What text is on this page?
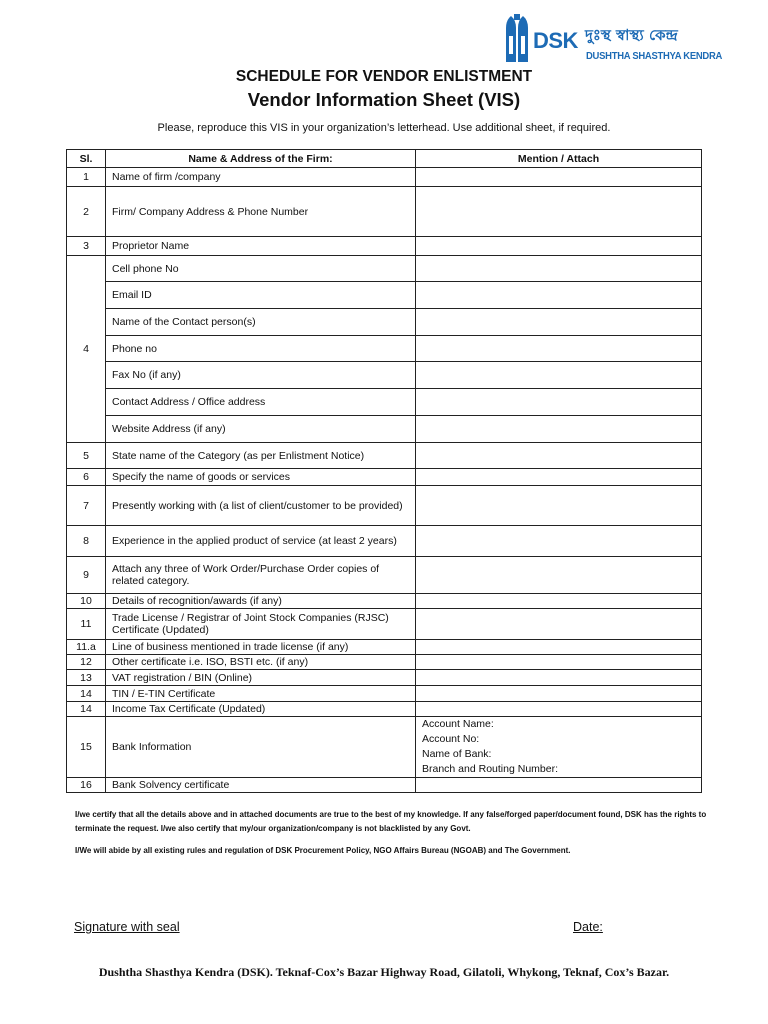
DSK দুঃস্থ স্বাস্থ্য কেন্দ্র
DUSHTHA SHASTHYA KENDRA
SCHEDULE FOR VENDOR ENLISTMENT
Vendor Information Sheet (VIS)
Please, reproduce this VIS in your organization’s letterhead. Use additional sheet, if required.
Sl.	Name & Address of the Firm:	Mention / Attach
1	Name of firm /company	
2	Firm/ Company Address & Phone Number	
3	Proprietor Name	
4	Cell phone No	
	Email ID	
	Name of the Contact person(s)	
	Phone no	
	Fax No (if any)	
	Contact Address / Office address	
	Website Address (if any)	
5	State name of the Category (as per Enlistment Notice)	
6	Specify the name of goods or services	
7	Presently working with (a list of client/customer to be provided)	
8	Experience in the applied product of service (at least 2 years)	
9	Attach any three of Work Order/Purchase Order copies of related category.	
10	Details of recognition/awards (if any)	
11	Trade License / Registrar of Joint Stock Companies (RJSC) Certificate (Updated)	
11.a	Line of business mentioned in trade license (if any)	
12	Other certificate i.e. ISO, BSTI etc. (if any)	
13	VAT registration / BIN (Online)	
14	TIN / E-TIN Certificate	
14	Income Tax Certificate (Updated)	
15	Bank Information	Account Name:
Account No:
Name of Bank:
Branch and Routing Number:

16	Bank Solvency certificate	
I/we certify that all the details above and in attached documents are true to the best of my knowledge. If any false/forged paper/document found, DSK has the rights to terminate the request. I/we also certify that my/our organization/company is not blacklisted by any Govt.
I/We will abide by all existing rules and regulation of DSK Procurement Policy, NGO Affairs Bureau (NGOAB) and The Government.
Signature with seal	Date:
Dushtha Shasthya Kendra (DSK). Teknaf-Cox’s Bazar Highway Road, Gilatoli, Whykong, Teknaf, Cox’s Bazar.
